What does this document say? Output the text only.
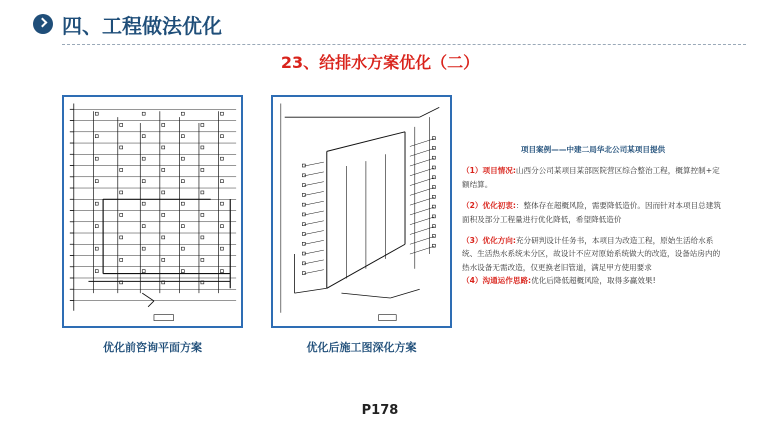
四、工程做法优化
23、给排水方案优化（二）
优化前咨询平面方案	优化后施工图深化方案
项目案例——中建二局华北公司某项目提供

（1）项目情况:山西分公司某项目某部医院营区综合整治工程，概算控制+定额结算。

（2）优化初衷:：整体存在超概风险，需要降低造价。因而针对本项目总建筑面积及部分工程量进行优化降低，希望降低造价

（3）优化方向:充分研判设计任务书，本项目为改造工程，原始生活给水系统、生活热水系统未分区，故设计不应对原始系统做大的改造，设备站房内的热水设备无需改造，仅更换老旧管道，满足甲方使用要求

（4）沟通运作思路:优化后降低超概风险，取得多赢效果!

P178
